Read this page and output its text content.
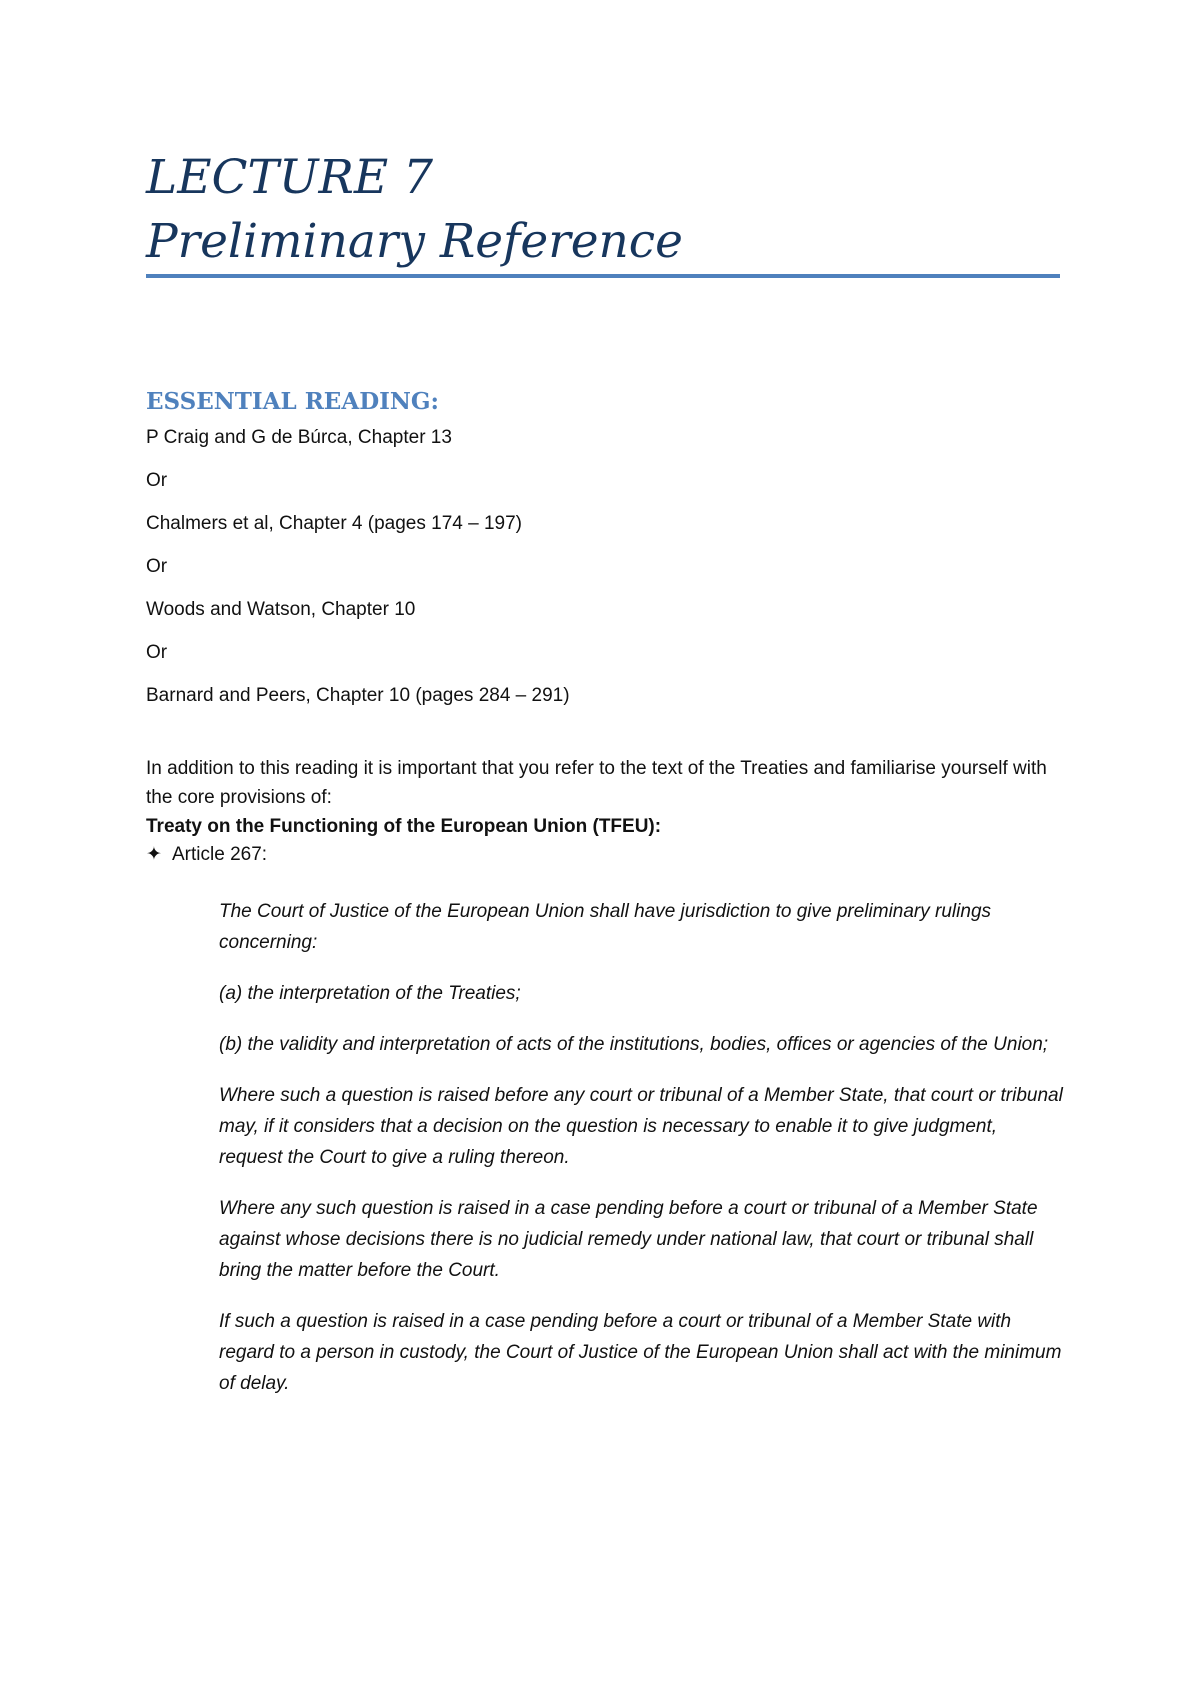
LECTURE 7
Preliminary Reference
ESSENTIAL READING:
P Craig and G de Búrca, Chapter 13
Or
Chalmers et al, Chapter 4 (pages 174 – 197)
Or
Woods and Watson, Chapter 10
Or
Barnard and Peers, Chapter 10 (pages 284 – 291)
In addition to this reading it is important that you refer to the text of the Treaties and familiarise yourself with the core provisions of:
Treaty on the Functioning of the European Union (TFEU):
✦ Article 267:

The Court of Justice of the European Union shall have jurisdiction to give preliminary rulings concerning:

(a) the interpretation of the Treaties;

(b) the validity and interpretation of acts of the institutions, bodies, offices or agencies of the Union;

Where such a question is raised before any court or tribunal of a Member State, that court or tribunal may, if it considers that a decision on the question is necessary to enable it to give judgment, request the Court to give a ruling thereon.

Where any such question is raised in a case pending before a court or tribunal of a Member State against whose decisions there is no judicial remedy under national law, that court or tribunal shall bring the matter before the Court.

If such a question is raised in a case pending before a court or tribunal of a Member State with regard to a person in custody, the Court of Justice of the European Union shall act with the minimum of delay.
